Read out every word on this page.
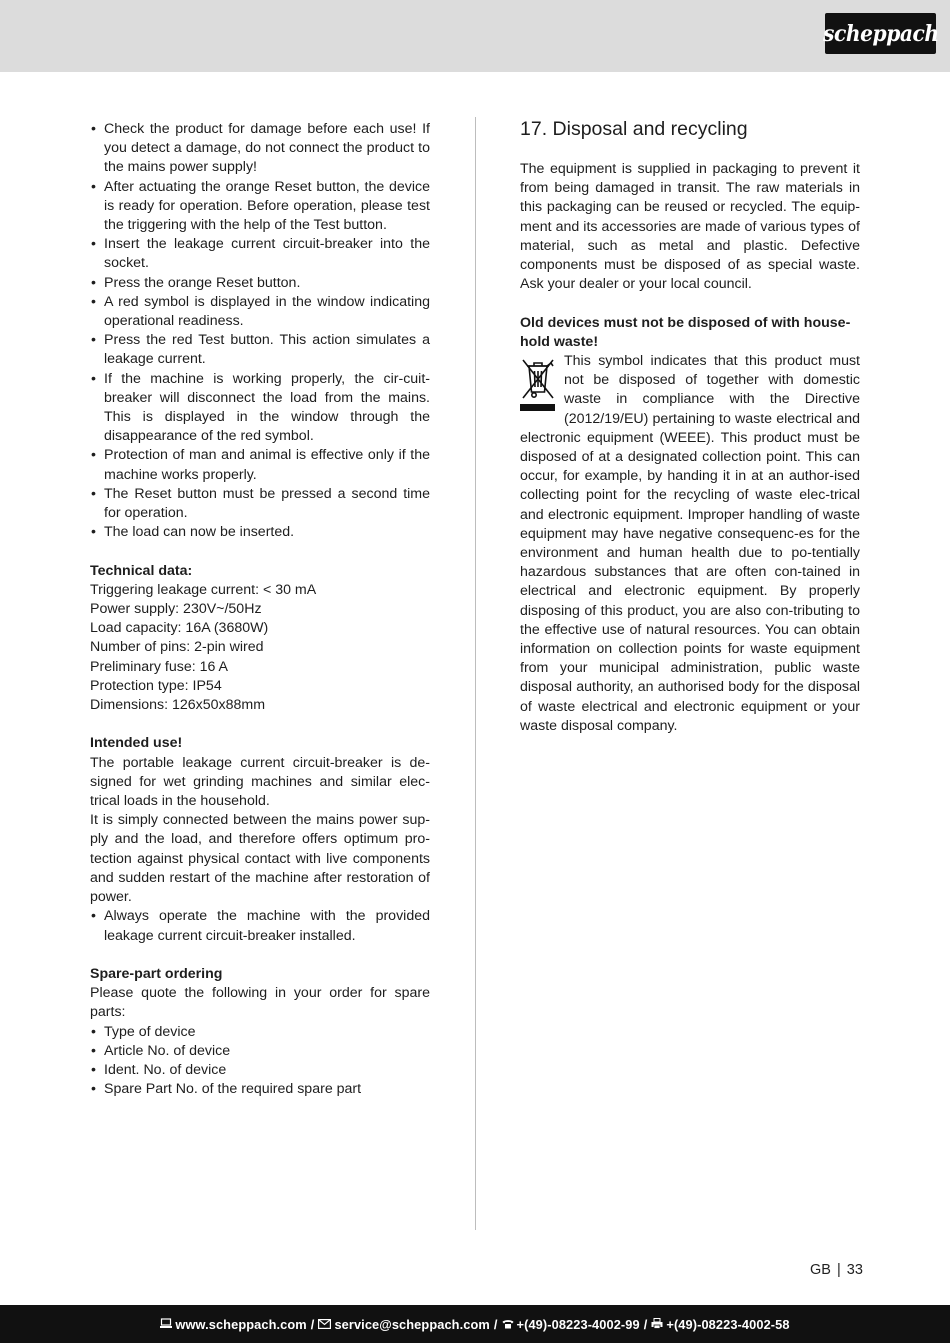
scheppach
• Check the product for damage before each use! If you detect a damage, do not connect the product to the mains power supply!
• After actuating the orange Reset button, the device is ready for operation. Before operation, please test the triggering with the help of the Test button.
• Insert the leakage current circuit-breaker into the socket.
• Press the orange Reset button.
• A red symbol is displayed in the window indicating operational readiness.
• Press the red Test button. This action simulates a leakage current.
• If the machine is working properly, the cir-cuit-breaker will disconnect the load from the mains. This is displayed in the window through the disappearance of the red symbol.
• Protection of man and animal is effective only if the machine works properly.
• The Reset button must be pressed a second time for operation.
• The load can now be inserted.
Technical data:
Triggering leakage current: < 30 mA
Power supply: 230V~/50Hz
Load capacity: 16A (3680W)
Number of pins: 2-pin wired
Preliminary fuse: 16 A
Protection type: IP54
Dimensions: 126x50x88mm
Intended use!

The portable leakage current circuit-breaker is de-signed for wet grinding machines and similar elec-trical loads in the household.

It is simply connected between the mains power sup-ply and the load, and therefore offers optimum pro-tection against physical contact with live components and sudden restart of the machine after restoration of power.

• Always operate the machine with the provided leakage current circuit-breaker installed.
Spare-part ordering

Please quote the following in your order for spare parts:

• Type of device
• Article No. of device
• Ident. No. of device
• Spare Part No. of the required spare part
17. Disposal and recycling

The equipment is supplied in packaging to prevent it from being damaged in transit. The raw materials in this packaging can be reused or recycled. The equip-ment and its accessories are made of various types of material, such as metal and plastic. Defective components must be disposed of as special waste. Ask your dealer or your local council.

Old devices must not be disposed of with house-hold waste!

This symbol indicates that this product must not be disposed of together with domestic waste in compliance with the Directive (2012/19/EU) pertaining to waste electrical and electronic equipment (WEEE). This product must be disposed of at a designated collection point. This can occur, for example, by handing it in at an author-ised collecting point for the recycling of waste elec-trical and electronic equipment. Improper handling of waste equipment may have negative consequenc-es for the environment and human health due to po-tentially hazardous substances that are often con-tained in electrical and electronic equipment. By properly disposing of this product, you are also con-tributing to the effective use of natural resources. You can obtain information on collection points for waste equipment from your municipal administration, public waste disposal authority, an authorised body for the disposal of waste electrical and electronic equipment or your waste disposal company.

GB | 33
www.scheppach.com / service@scheppach.com / +(49)-08223-4002-99 / +(49)-08223-4002-58
